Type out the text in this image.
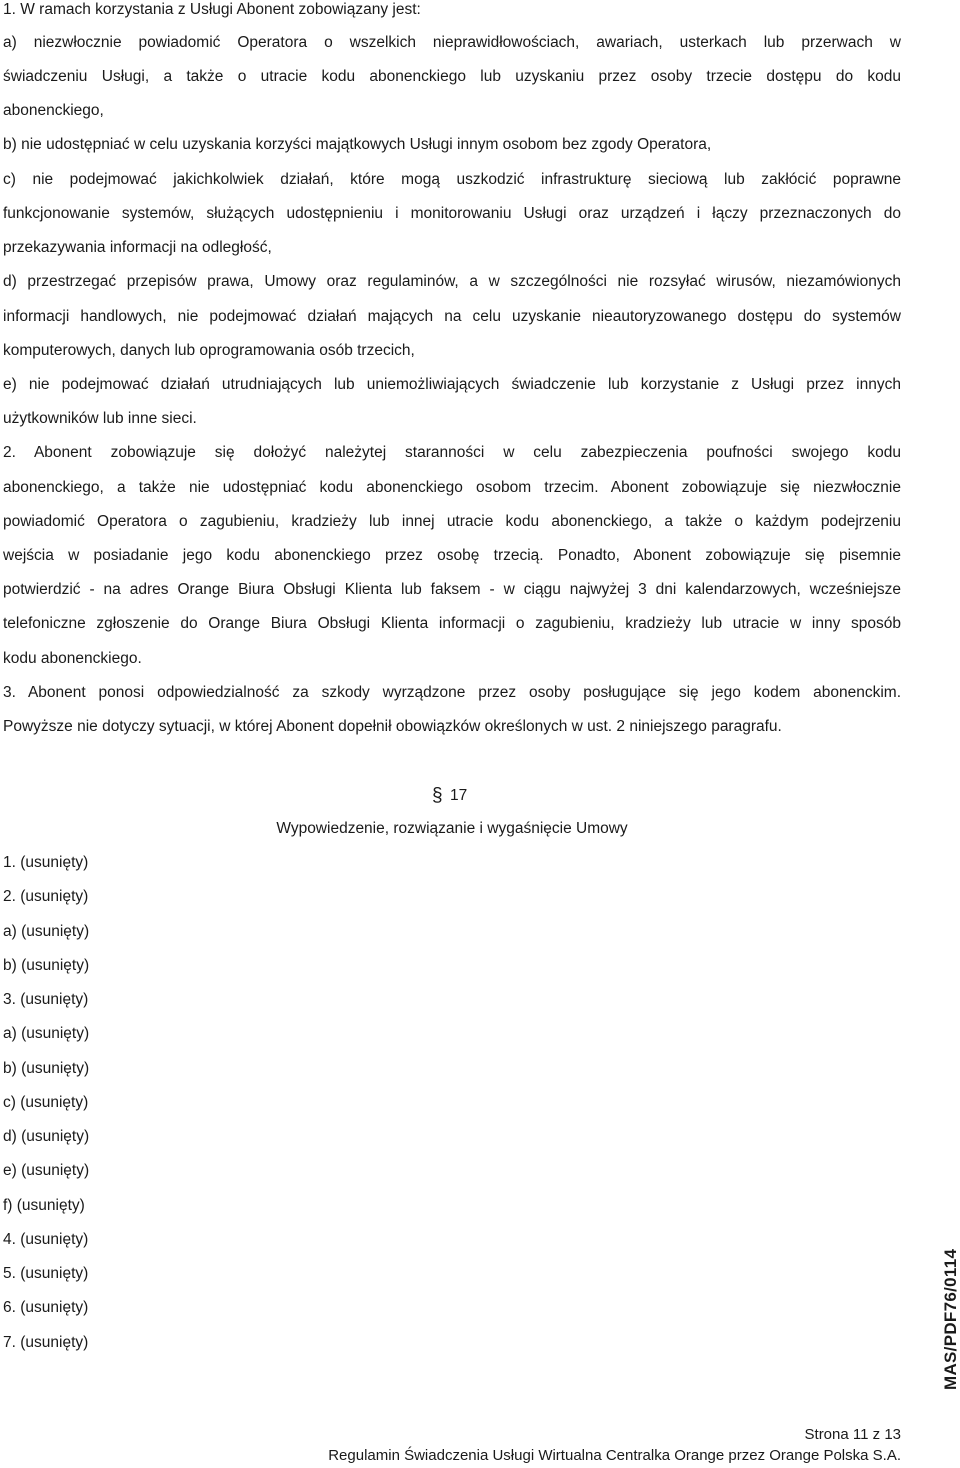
1. W ramach korzystania z Usługi Abonent zobowiązany jest:
a) niezwłocznie powiadomić Operatora o wszelkich nieprawidłowościach, awariach, usterkach lub przerwach w
świadczeniu Usługi, a także o utracie kodu abonenckiego lub uzyskaniu przez osoby trzecie dostępu do kodu
abonenckiego,
b) nie udostępniać w celu uzyskania korzyści majątkowych Usługi innym osobom bez zgody Operatora,
c) nie podejmować jakichkolwiek działań, które mogą uszkodzić infrastrukturę sieciową lub zakłócić poprawne
funkcjonowanie systemów, służących udostępnieniu i monitorowaniu Usługi oraz urządzeń i łączy przeznaczonych do
przekazywania informacji na odległość,
d) przestrzegać przepisów prawa, Umowy oraz regulaminów, a w szczególności nie rozsyłać wirusów, niezamówionych
informacji handlowych, nie podejmować działań mających na celu uzyskanie nieautoryzowanego dostępu do systemów
komputerowych, danych lub oprogramowania osób trzecich,
e) nie podejmować działań utrudniających lub uniemożliwiających świadczenie lub korzystanie z Usługi przez innych
użytkowników lub inne sieci.
2. Abonent zobowiązuje się dołożyć należytej staranności w celu zabezpieczenia poufności swojego kodu
abonenckiego, a także nie udostępniać kodu abonenckiego osobom trzecim. Abonent zobowiązuje się niezwłocznie
powiadomić Operatora o zagubieniu, kradzieży lub innej utracie kodu abonenckiego, a także o każdym podejrzeniu
wejścia w posiadanie jego kodu abonenckiego przez osobę trzecią. Ponadto, Abonent zobowiązuje się pisemnie
potwierdzić - na adres Orange Biura Obsługi Klienta lub faksem - w ciągu najwyżej 3 dni kalendarzowych, wcześniejsze
telefoniczne zgłoszenie do Orange Biura Obsługi Klienta informacji o zagubieniu, kradzieży lub utracie w inny sposób
kodu abonenckiego.
3. Abonent ponosi odpowiedzialność za szkody wyrządzone przez osoby posługujące się jego kodem abonenckim.
Powyższe nie dotyczy sytuacji, w której Abonent dopełnił obowiązków określonych w ust. 2 niniejszego paragrafu.
§ 17
Wypowiedzenie, rozwiązanie i wygaśnięcie Umowy
1. (usunięty)
2. (usunięty)
a) (usunięty)
b) (usunięty)
3. (usunięty)
a) (usunięty)
b) (usunięty)
c) (usunięty)
d) (usunięty)
e) (usunięty)
f) (usunięty)
4. (usunięty)
5. (usunięty)
6. (usunięty)
7. (usunięty)	MAS/PDF76/0114
Strona 11 z 13
Regulamin Świadczenia Usługi Wirtualna Centralka Orange przez Orange Polska S.A.
